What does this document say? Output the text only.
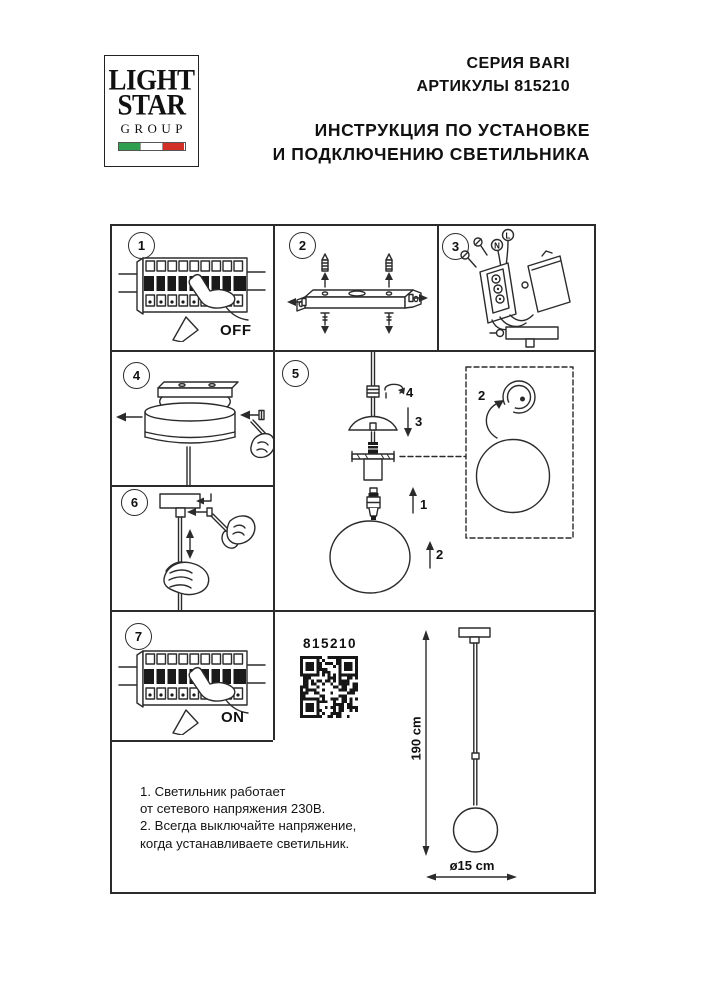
LIGHT
STAR
GROUP
СЕРИЯ BARI
АРТИКУЛЫ 815210
ИНСТРУКЦИЯ ПО УСТАНОВКЕ
И ПОДКЛЮЧЕНИЮ СВЕТИЛЬНИКА
1	2	3
4	5
6
7
OFF
N
L
4
3
1
2
2
ON
815210
190 cm
ø15 cm
1. Светильник работает
от сетевого напряжения 230В.
2. Всегда выключайте напряжение,
когда устанавливаете светильник.
